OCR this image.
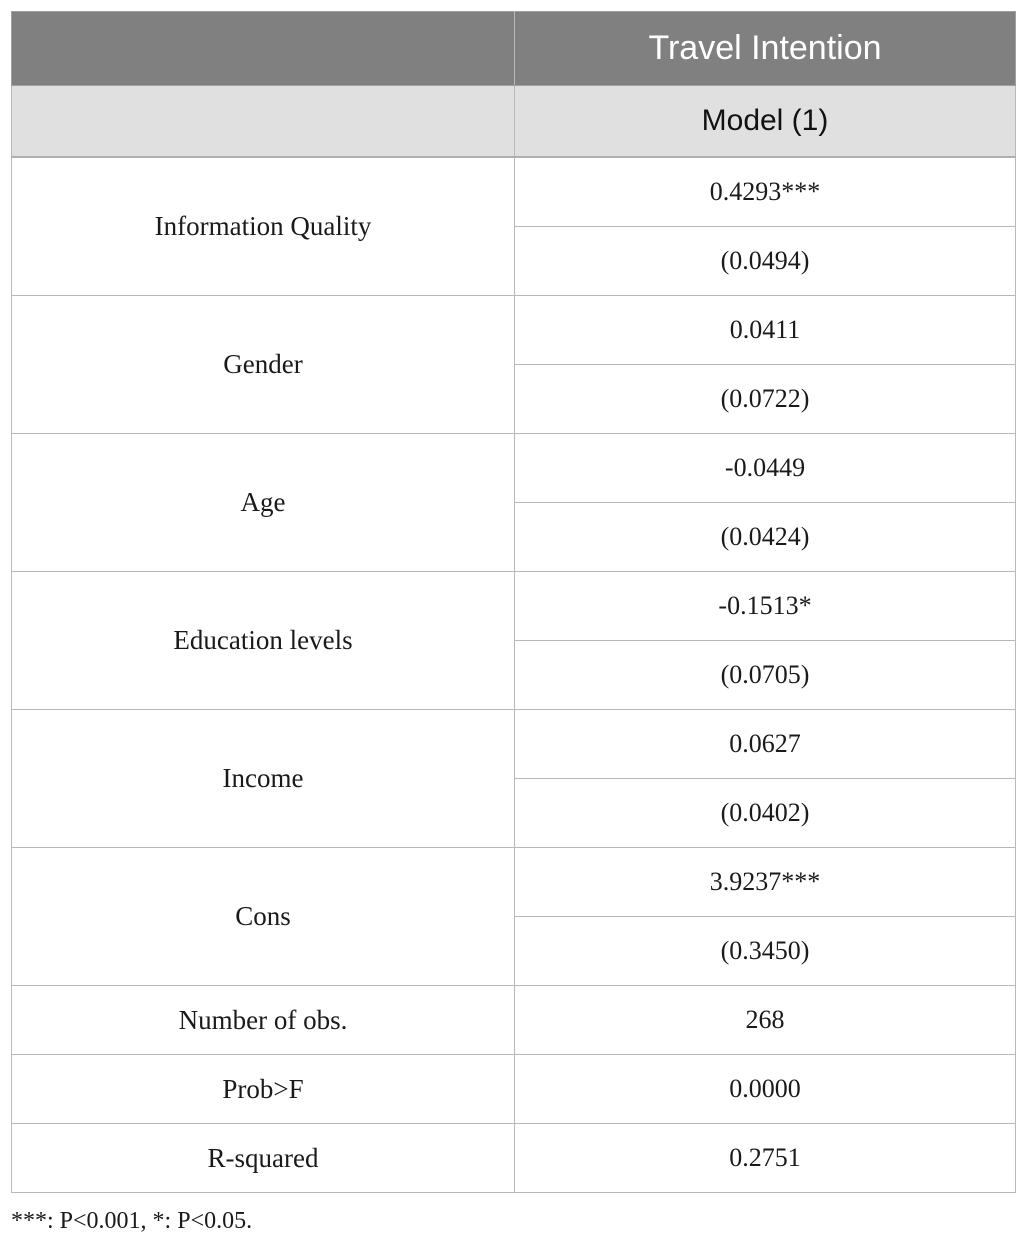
	Travel Intention
	Model (1)
Information Quality	0.4293***
	(0.0494)
Gender	0.0411
	(0.0722)
Age	-0.0449
	(0.0424)
Education levels	-0.1513*
	(0.0705)
Income	0.0627
	(0.0402)
Cons	3.9237***
	(0.3450)
Number of obs.	268
Prob>F	0.0000
R-squared	0.2751
***: P<0.001, *: P<0.05.
